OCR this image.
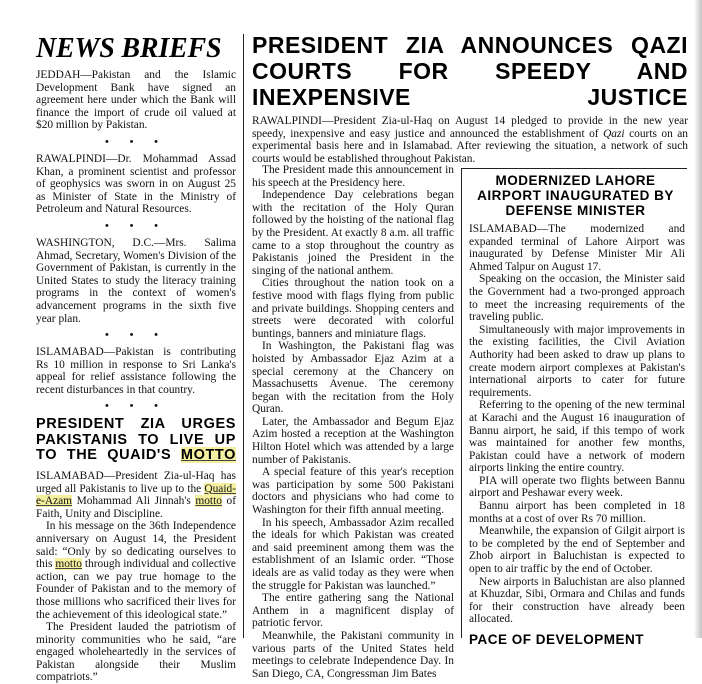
NEWS BRIEFS

JEDDAH—Pakistan and the Islamic Development Bank have signed an agreement here under which the Bank will finance the import of crude oil valued at $20 million by Pakistan.

• • •

RAWALPINDI—Dr. Mohammad Assad Khan, a prominent scientist and professor of geophysics was sworn in on August 25 as Minister of State in the Ministry of Petroleum and Natural Resources.

• • •

WASHINGTON, D.C.—Mrs. Salima Ahmad, Secretary, Women's Division of the Government of Pakistan, is currently in the United States to study the literacy training programs in the context of women's advancement programs in the sixth five year plan.

• • •

ISLAMABAD—Pakistan is contributing Rs 10 million in response to Sri Lanka's appeal for relief assistance following the recent disturbances in that country.

• • •
PRESIDENT ZIA URGES PAKISTANIS TO LIVE UP TO THE QUAID'S MOTTO

ISLAMABAD—President Zia-ul-Haq has urged all Pakistanis to live up to the Quaid-e-Azam Mohammad Ali Jinnah's motto of Faith, Unity and Discipline.

In his message on the 36th Independence anniversary on August 14, the President said: “Only by so dedicating ourselves to this motto through individual and collective action, can we pay true homage to the Founder of Pakistan and to the memory of those millions who sacrificed their lives for the achievement of this ideological state.”

The President lauded the patriotism of minority communities who he said, “are engaged wholeheartedly in the services of Pakistan alongside their Muslim compatriots.”

PRESIDENT ZIA ANNOUNCES QAZI COURTS FOR SPEEDY AND INEXPENSIVE JUSTICE

RAWALPINDI—President Zia-ul-Haq on August 14 pledged to provide in the new year speedy, inexpensive and easy justice and announced the establishment of Qazi courts on an experimental basis here and in Islamabad. After reviewing the situation, a network of such courts would be established throughout Pakistan.

The President made this announcement in his speech at the Presidency here.

Independence Day celebrations began with the recitation of the Holy Quran followed by the hoisting of the national flag by the President. At exactly 8 a.m. all traffic came to a stop throughout the country as Pakistanis joined the President in the singing of the national anthem.

Cities throughout the nation took on a festive mood with flags flying from public and private buildings. Shopping centers and streets were decorated with colorful buntings, banners and miniature flags.

In Washington, the Pakistani flag was hoisted by Ambassador Ejaz Azim at a special ceremony at the Chancery on Massachusetts Avenue. The ceremony began with the recitation from the Holy Quran.

Later, the Ambassador and Begum Ejaz Azim hosted a reception at the Washington Hilton Hotel which was attended by a large number of Pakistanis.

A special feature of this year's reception was participation by some 500 Pakistani doctors and physicians who had come to Washington for their fifth annual meeting.

In his speech, Ambassador Azim recalled the ideals for which Pakistan was created and said preeminent among them was the establishment of an Islamic order. “Those ideals are as valid today as they were when the struggle for Pakistan was launched.”

The entire gathering sang the National Anthem in a magnificent display of patriotic fervor.

Meanwhile, the Pakistani community in various parts of the United States held meetings to celebrate Independence Day. In San Diego, CA, Congressman Jim Bates

MODERNIZED LAHORE AIRPORT INAUGURATED BY DEFENSE MINISTER

ISLAMABAD—The modernized and expanded terminal of Lahore Airport was inaugurated by Defense Minister Mir Ali Ahmed Talpur on August 17.

Speaking on the occasion, the Minister said the Government had a two-pronged approach to meet the increasing requirements of the traveling public.

Simultaneously with major improvements in the existing facilities, the Civil Aviation Authority had been asked to draw up plans to create modern airport complexes at Pakistan's international airports to cater for future requirements.

Referring to the opening of the new terminal at Karachi and the August 16 inauguration of Bannu airport, he said, if this tempo of work was maintained for another few months, Pakistan could have a network of modern airports linking the entire country.

PIA will operate two flights between Bannu airport and Peshawar every week.

Bannu airport has been completed in 18 months at a cost of over Rs 70 million.

Meanwhile, the expansion of Gilgit airport is to be completed by the end of September and Zhob airport in Baluchistan is expected to open to air traffic by the end of October.

New airports in Baluchistan are also planned at Khuzdar, Sibi, Ormara and Chilas and funds for their construction have already been allocated.

PACE OF DEVELOPMENT
